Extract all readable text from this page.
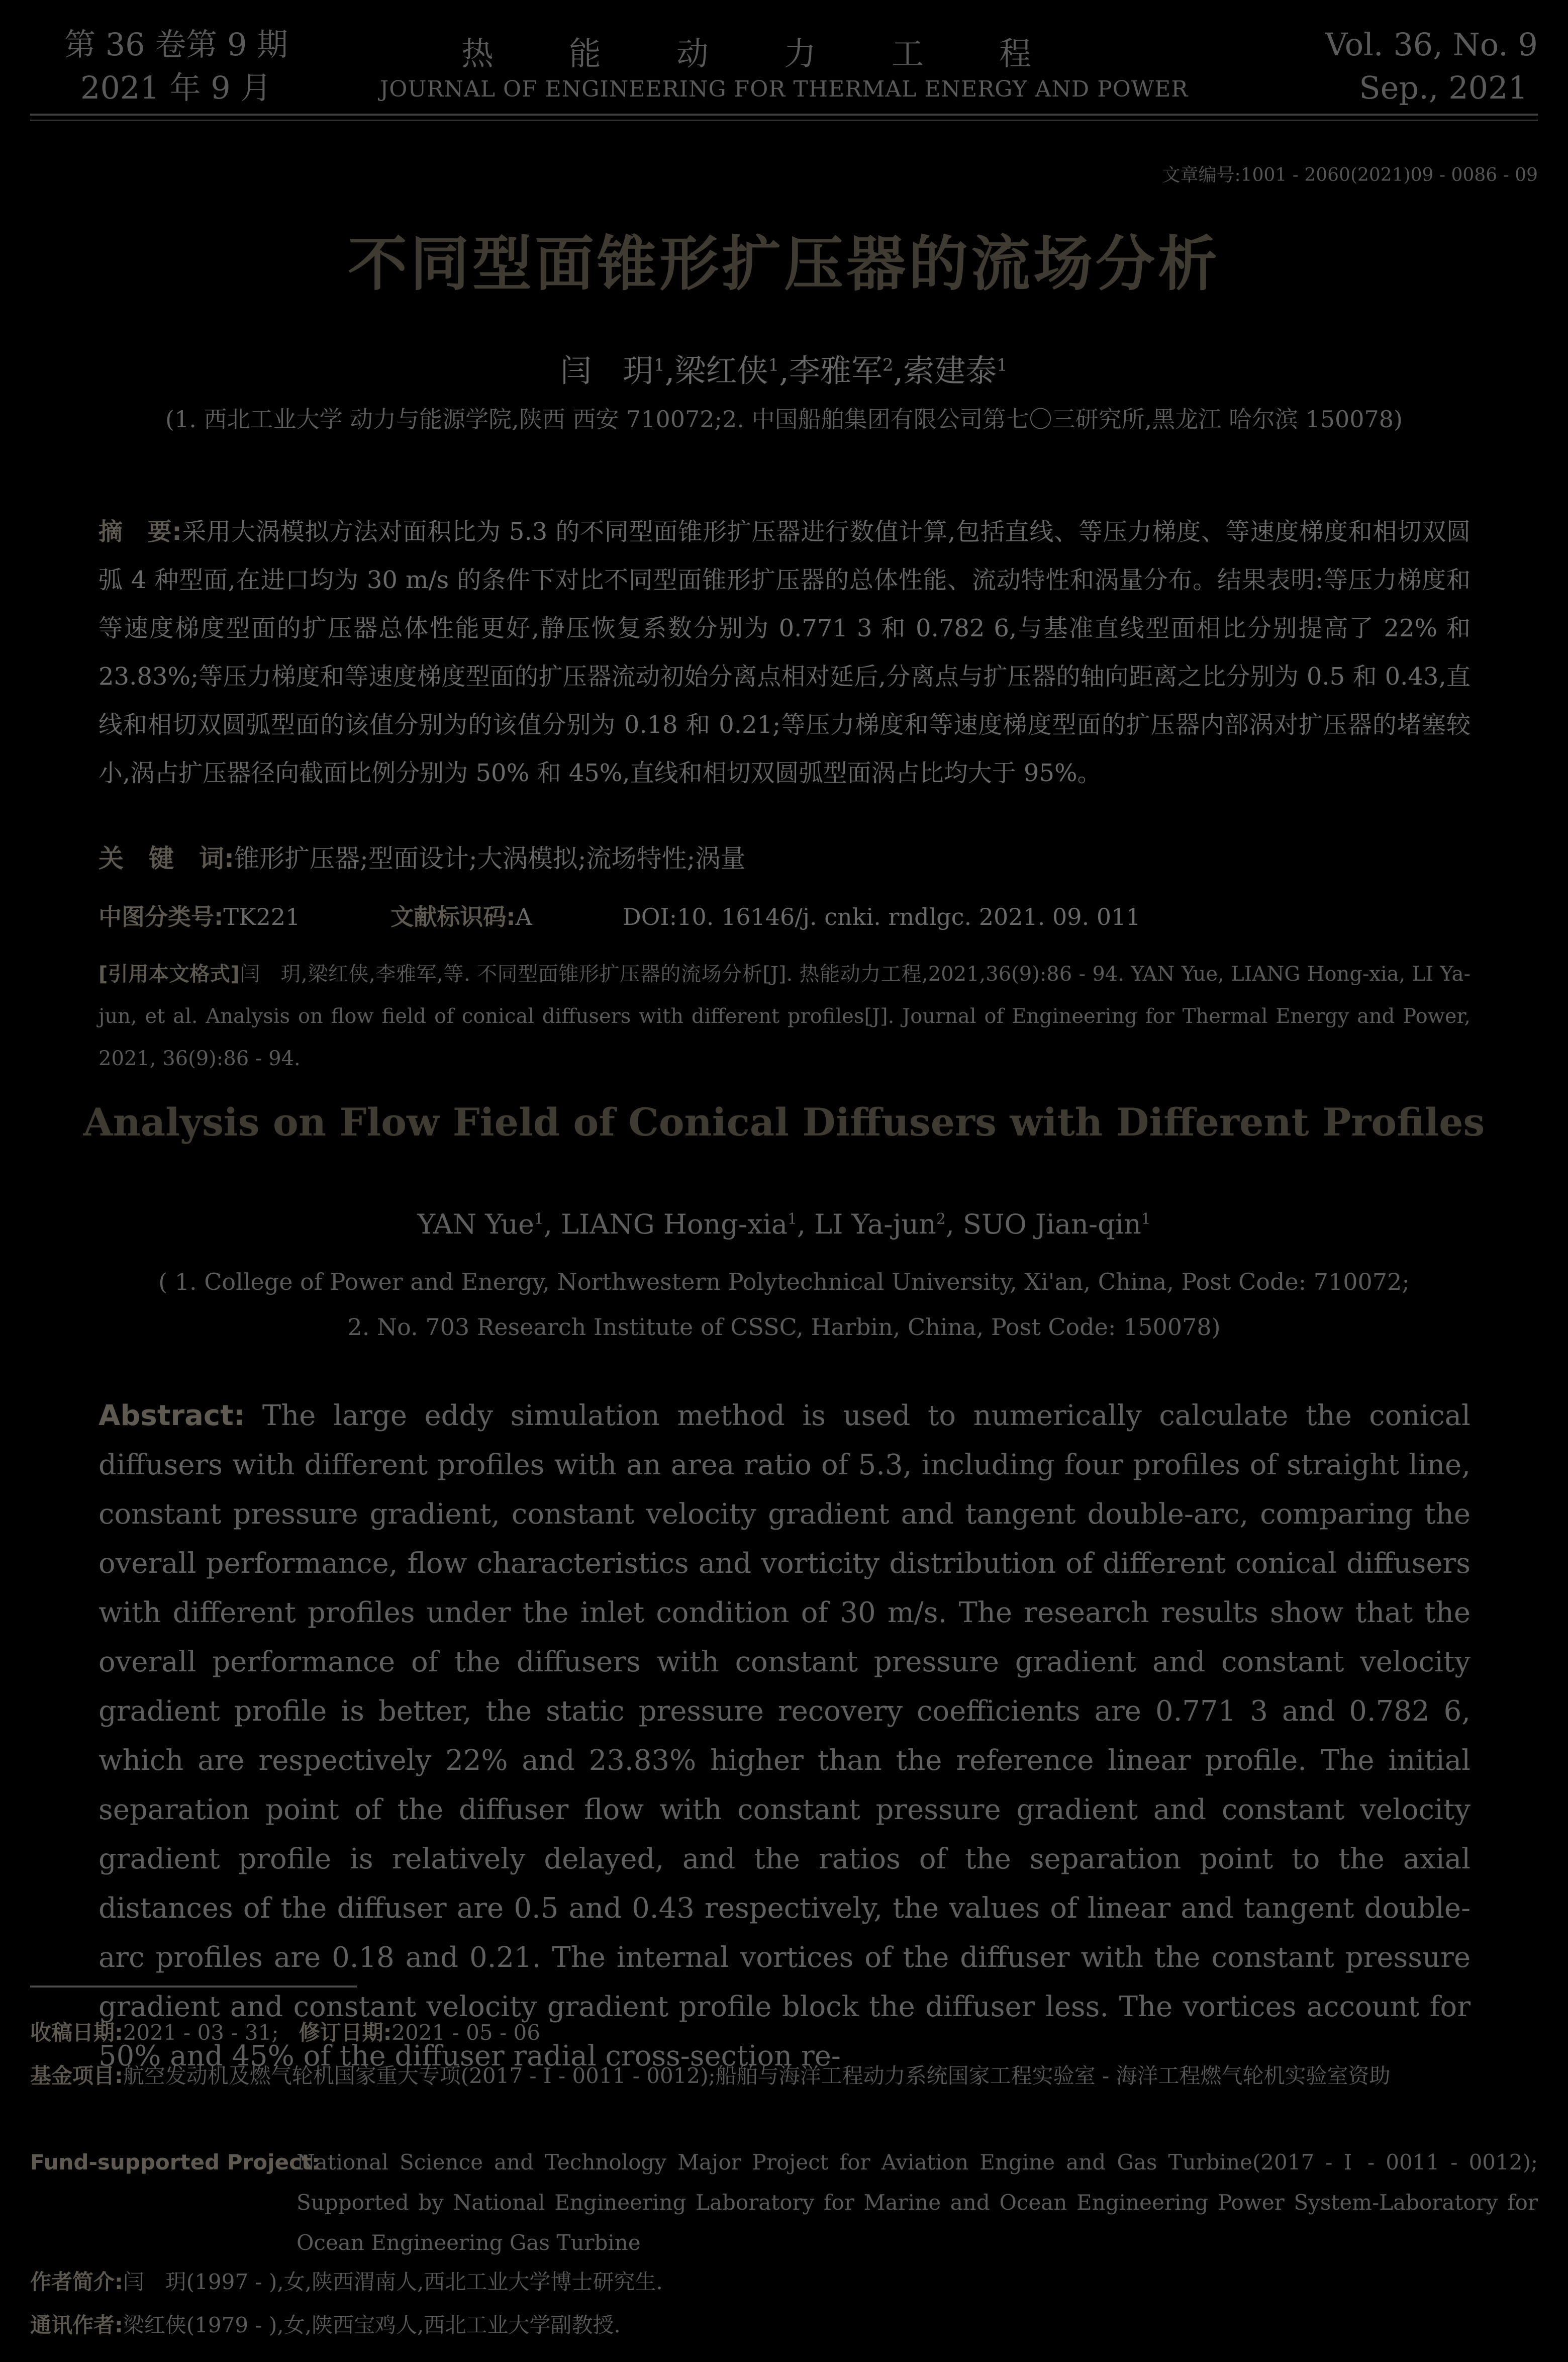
第 36 卷第 9 期
2021 年 9 月
热能动力工程
JOURNAL OF ENGINEERING FOR THERMAL ENERGY AND POWER
Vol. 36, No. 9
Sep., 2021
文章编号:1001 - 2060(2021)09 - 0086 - 09
不同型面锥形扩压器的流场分析
闫　玥$^1$,梁红侠$^1$,李雅军$^2$,索建泰$^1$
(1. 西北工业大学 动力与能源学院,陕西 西安 710072;2. 中国船舶集团有限公司第七〇三研究所,黑龙江 哈尔滨 150078)
摘　要:采用大涡模拟方法对面积比为 5.3 的不同型面锥形扩压器进行数值计算,包括直线、等压力梯度、等速度梯度和相切双圆弧 4 种型面,在进口均为 30 m/s 的条件下对比不同型面锥形扩压器的总体性能、流动特性和涡量分布。结果表明:等压力梯度和等速度梯度型面的扩压器总体性能更好,静压恢复系数分别为 0.771 3 和 0.782 6,与基准直线型面相比分别提高了 22% 和 23.83%;等压力梯度和等速度梯度型面的扩压器流动初始分离点相对延后,分离点与扩压器的轴向距离之比分别为 0.5 和 0.43,直线和相切双圆弧型面的该值分别为的该值分别为 0.18 和 0.21;等压力梯度和等速度梯度型面的扩压器内部涡对扩压器的堵塞较小,涡占扩压器径向截面比例分别为 50% 和 45%,直线和相切双圆弧型面涡占比均大于 95%。
关　键　词:锥形扩压器;型面设计;大涡模拟;流场特性;涡量
中图分类号:TK221	文献标识码:A	DOI:10. 16146/j. cnki. rndlgc. 2021. 09. 011
[引用本文格式]闫　玥,梁红侠,李雅军,等. 不同型面锥形扩压器的流场分析[J]. 热能动力工程,2021,36(9):86 - 94. YAN Yue, LIANG Hong-xia, LI Ya-jun, et al. Analysis on flow field of conical diffusers with different profiles[J]. Journal of Engineering for Thermal Energy and Power, 2021, 36(9):86 - 94.
Analysis on Flow Field of Conical Diffusers with Different Profiles
YAN Yue$^1$, LIANG Hong-xia$^1$, LI Ya-jun$^2$, SUO Jian-qin$^1$
( 1. College of Power and Energy, Northwestern Polytechnical University, Xi'an, China, Post Code: 710072;
2. No. 703 Research Institute of CSSC, Harbin, China, Post Code: 150078)
Abstract: The large eddy simulation method is used to numerically calculate the conical diffusers with different profiles with an area ratio of 5.3, including four profiles of straight line, constant pressure gradient, constant velocity gradient and tangent double-arc, comparing the overall performance, flow characteristics and vorticity distribution of different conical diffusers with different profiles under the inlet condition of 30 m/s. The research results show that the overall performance of the diffusers with constant pressure gradient and constant velocity gradient profile is better, the static pressure recovery coefficients are 0.771 3 and 0.782 6, which are respectively 22% and 23.83% higher than the reference linear profile. The initial separation point of the diffuser flow with constant pressure gradient and constant velocity gradient profile is relatively delayed, and the ratios of the separation point to the axial distances of the diffuser are 0.5 and 0.43 respectively, the values of linear and tangent double-arc profiles are 0.18 and 0.21. The internal vortices of the diffuser with the constant pressure gradient and constant velocity gradient profile block the diffuser less. The vortices account for 50% and 45% of the diffuser radial cross-section re-
收稿日期:2021 - 03 - 31; 修订日期:2021 - 05 - 06
基金项目:航空发动机及燃气轮机国家重大专项(2017 - Ⅰ - 0011 - 0012);船舶与海洋工程动力系统国家工程实验室 - 海洋工程燃气轮机实验室资助
Fund-supported Project:
National Science and Technology Major Project for Aviation Engine and Gas Turbine(2017 - Ⅰ - 0011 - 0012); Supported by National Engineering Laboratory for Marine and Ocean Engineering Power System-Laboratory for Ocean Engineering Gas Turbine
作者简介:闫　玥(1997 - ),女,陕西渭南人,西北工业大学博士研究生.
通讯作者:梁红侠(1979 - ),女,陕西宝鸡人,西北工业大学副教授.
